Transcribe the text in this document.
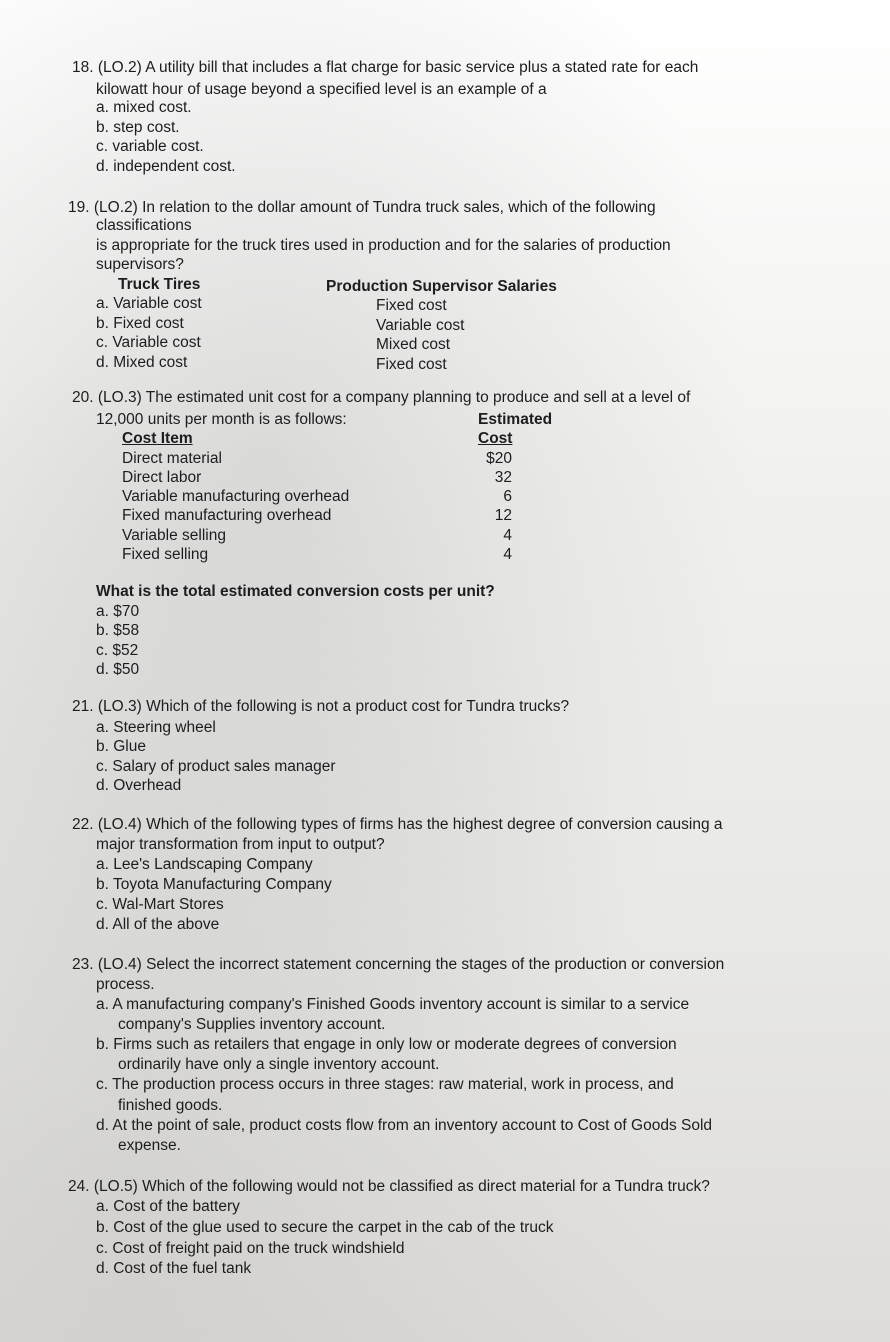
18. (LO.2) A utility bill that includes a flat charge for basic service plus a stated rate for each
kilowatt hour of usage beyond a specified level is an example of a
a. mixed cost.
b. step cost.
c. variable cost.
d. independent cost.
19. (LO.2) In relation to the dollar amount of Tundra truck sales, which of the following
classifications
is appropriate for the truck tires used in production and for the salaries of production
supervisors?
Truck Tires	Production Supervisor Salaries
a. Variable cost	Fixed cost
b. Fixed cost	Variable cost
c. Variable cost	Mixed cost
d. Mixed cost	Fixed cost
20. (LO.3) The estimated unit cost for a company planning to produce and sell at a level of
12,000 units per month is as follows:	Estimated
Cost Item	Cost
Direct material	$20
Direct labor	32
Variable manufacturing overhead	6
Fixed manufacturing overhead	12
Variable selling	4
Fixed selling	4
What is the total estimated conversion costs per unit?
a. $70
b. $58
c. $52
d. $50
21. (LO.3) Which of the following is not a product cost for Tundra trucks?
a. Steering wheel
b. Glue
c. Salary of product sales manager
d. Overhead
22. (LO.4) Which of the following types of firms has the highest degree of conversion causing a
major transformation from input to output?
a. Lee's Landscaping Company
b. Toyota Manufacturing Company
c. Wal-Mart Stores
d. All of the above
23. (LO.4) Select the incorrect statement concerning the stages of the production or conversion
process.
a. A manufacturing company's Finished Goods inventory account is similar to a service
company's Supplies inventory account.
b. Firms such as retailers that engage in only low or moderate degrees of conversion
ordinarily have only a single inventory account.
c. The production process occurs in three stages: raw material, work in process, and
finished goods.
d. At the point of sale, product costs flow from an inventory account to Cost of Goods Sold
expense.
24. (LO.5) Which of the following would not be classified as direct material for a Tundra truck?
a. Cost of the battery
b. Cost of the glue used to secure the carpet in the cab of the truck
c. Cost of freight paid on the truck windshield
d. Cost of the fuel tank
